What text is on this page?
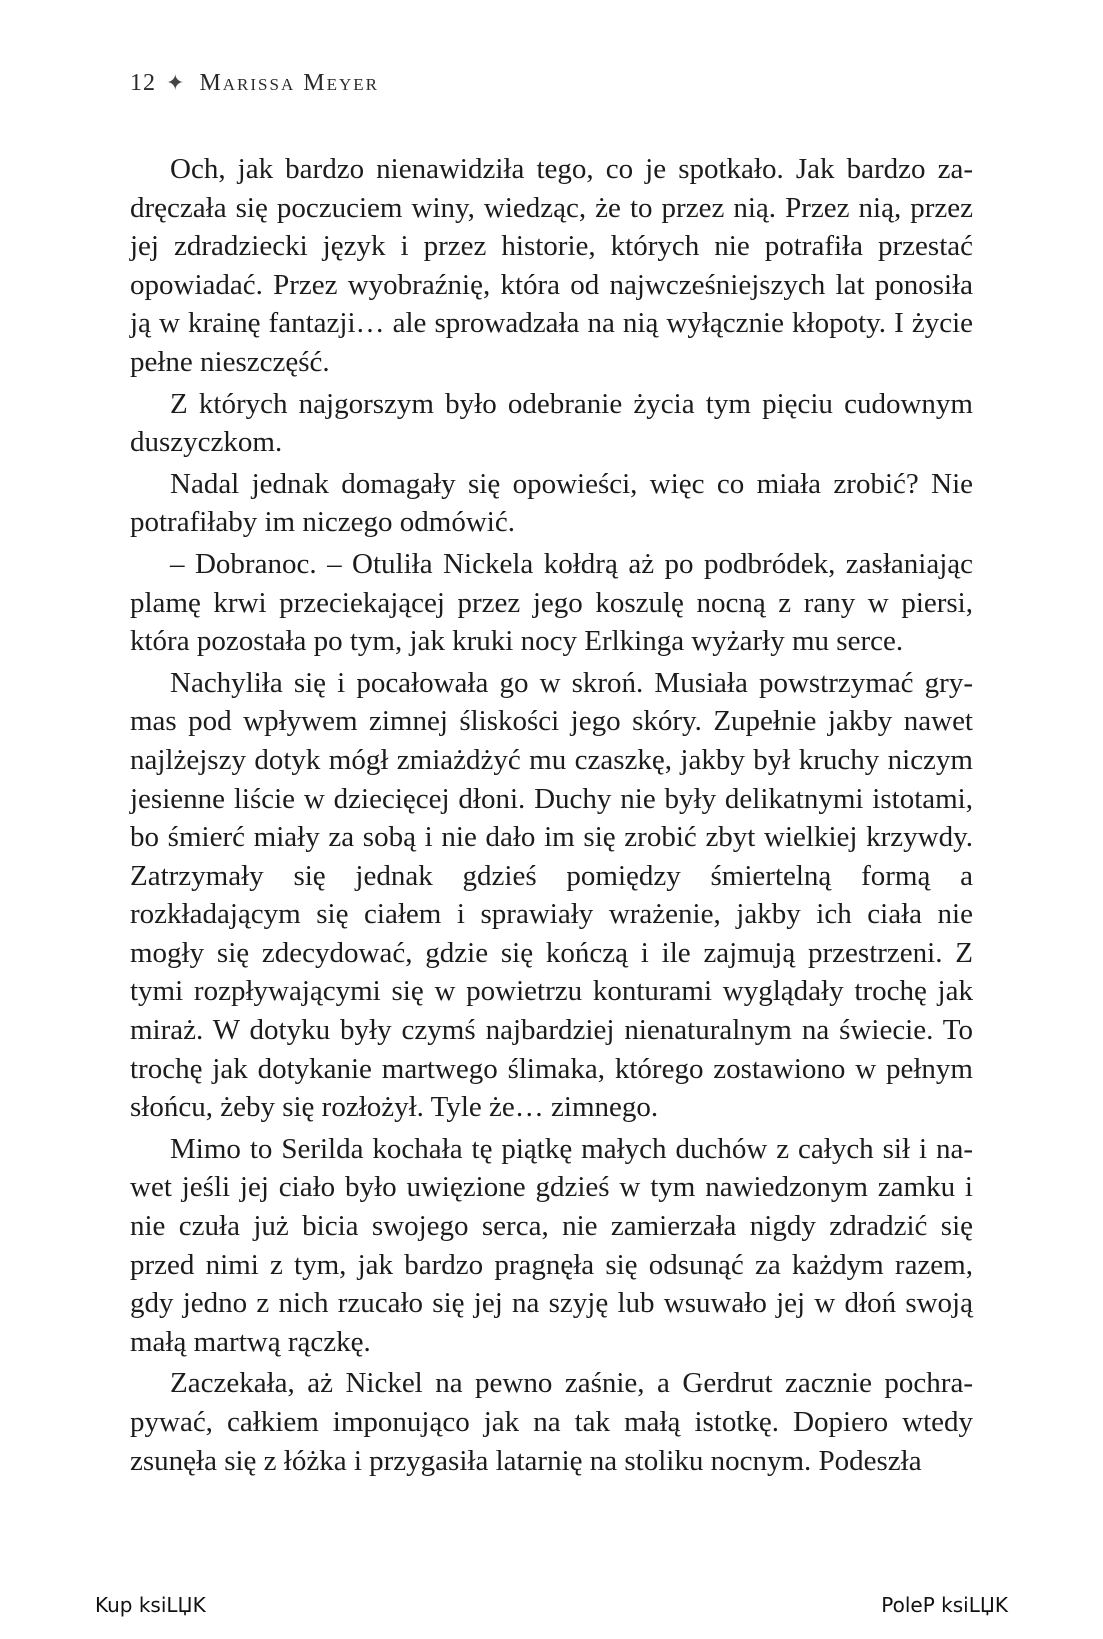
12 ✦ Marissa Meyer

Och, jak bardzo nienawidziła tego, co je spotkało. Jak bardzo zadręczała się poczuciem winy, wiedząc, że to przez nią. Przez nią, przez jej zdradziecki język i przez historie, których nie potrafiła przestać opowiadać. Przez wyobraźnię, która od najwcześniejszych lat ponosiła ją w krainę fantazji… ale sprowadzała na nią wyłącznie kłopoty. I życie pełne nieszczęść.

Z których najgorszym było odebranie życia tym pięciu cudownym duszyczkom.

Nadal jednak domagały się opowieści, więc co miała zrobić? Nie potrafiłaby im niczego odmówić.

– Dobranoc. – Otuliła Nickela kołdrą aż po podbródek, zasłaniając plamę krwi przeciekającej przez jego koszulę nocną z rany w piersi, która pozostała po tym, jak kruki nocy Erlkinga wyżarły mu serce.

Nachyliła się i pocałowała go w skroń. Musiała powstrzymać grymas pod wpływem zimnej śliskości jego skóry. Zupełnie jakby nawet najlżejszy dotyk mógł zmiażdżyć mu czaszkę, jakby był kruchy niczym jesienne liście w dziecięcej dłoni. Duchy nie były delikatnymi istotami, bo śmierć miały za sobą i nie dało im się zrobić zbyt wielkiej krzywdy. Zatrzymały się jednak gdzieś pomiędzy śmiertelną formą a rozkładającym się ciałem i sprawiały wrażenie, jakby ich ciała nie mogły się zdecydować, gdzie się kończą i ile zajmują przestrzeni. Z tymi rozpływającymi się w powietrzu konturami wyglądały trochę jak miraż. W dotyku były czymś najbardziej nienaturalnym na świecie. To trochę jak dotykanie martwego ślimaka, którego zostawiono w pełnym słońcu, żeby się rozłożył. Tyle że… zimnego.

Mimo to Serilda kochała tę piątkę małych duchów z całych sił i nawet jeśli jej ciało było uwięzione gdzieś w tym nawiedzonym zamku i nie czuła już bicia swojego serca, nie zamierzała nigdy zdradzić się przed nimi z tym, jak bardzo pragnęła się odsunąć za każdym razem, gdy jedno z nich rzucało się jej na szyję lub wsuwało jej w dłoń swoją małą martwą rączkę.

Zaczekała, aż Nickel na pewno zaśnie, a Gerdrut zacznie pochrapywać, całkiem imponująco jak na tak małą istotkę. Dopiero wtedy zsunęła się z łóżka i przygasiła latarnię na stoliku nocnym. Podeszła

Kup ksiLЏK	PoleP ksiLЏK
